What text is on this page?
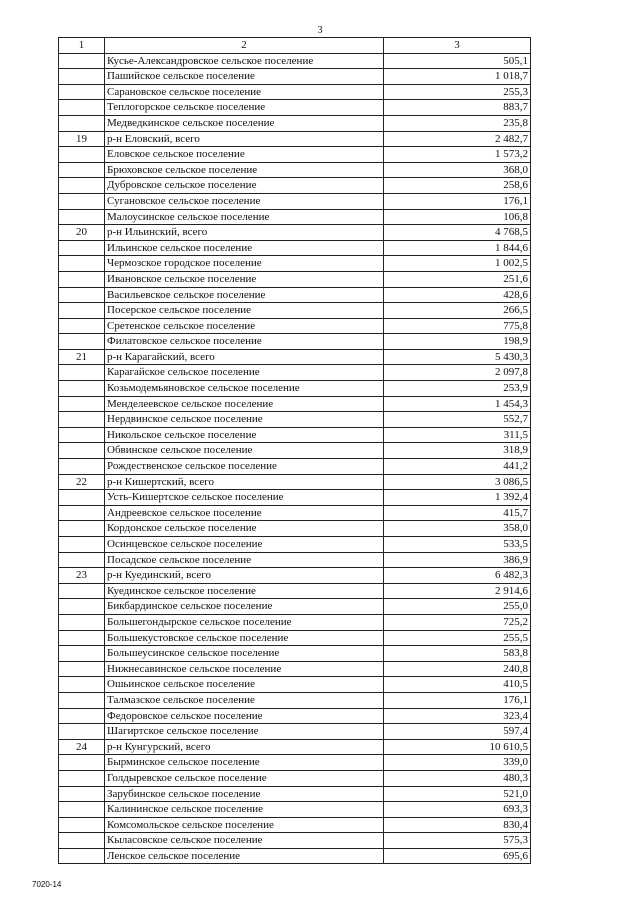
3
1	2	3
	Кусье-Александровское сельское поселение	505,1
	Пашийское сельское поселение	1 018,7
	Сарановское сельское поселение	255,3
	Теплогорское сельское поселение	883,7
	Медведкинское сельское поселение	235,8
19	р-н Еловский, всего	2 482,7
	Еловское сельское поселение	1 573,2
	Брюховское сельское поселение	368,0
	Дубровское сельское поселение	258,6
	Сугановское сельское поселение	176,1
	Малоусинское сельское поселение	106,8
20	р-н Ильинский, всего	4 768,5
	Ильинское сельское поселение	1 844,6
	Чермозское городское поселение	1 002,5
	Ивановское сельское поселение	251,6
	Васильевское сельское поселение	428,6
	Посерское сельское поселение	266,5
	Сретенское сельское поселение	775,8
	Филатовское сельское поселение	198,9
21	р-н Карагайский, всего	5 430,3
	Карагайское сельское поселение	2 097,8
	Козьмодемьяновское сельское поселение	253,9
	Менделеевское сельское поселение	1 454,3
	Нердвинское сельское поселение	552,7
	Никольское сельское поселение	311,5
	Обвинское сельское поселение	318,9
	Рождественское сельское поселение	441,2
22	р-н Кишертский, всего	3 086,5
	Усть-Кишертское сельское поселение	1 392,4
	Андреевское сельское поселение	415,7
	Кордонское сельское поселение	358,0
	Осинцевское сельское поселение	533,5
	Посадское сельское поселение	386,9
23	р-н Куединский, всего	6 482,3
	Куединское сельское поселение	2 914,6
	Бикбардинское сельское поселение	255,0
	Большегондырское сельское поселение	725,2
	Большекустовское сельское поселение	255,5
	Большеусинское сельское поселение	583,8
	Нижнесавинское сельское поселение	240,8
	Ошьинское сельское поселение	410,5
	Талмазское сельское поселение	176,1
	Федоровское сельское поселение	323,4
	Шагиртское сельское поселение	597,4
24	р-н Кунгурский, всего	10 610,5
	Бырминское сельское поселение	339,0
	Голдыревское сельское поселение	480,3
	Зарубинское сельское поселение	521,0
	Калининское сельское поселение	693,3
	Комсомольское сельское поселение	830,4
	Кыласовское сельское поселение	575,3
	Ленское сельское поселение	695,6
7020-14
